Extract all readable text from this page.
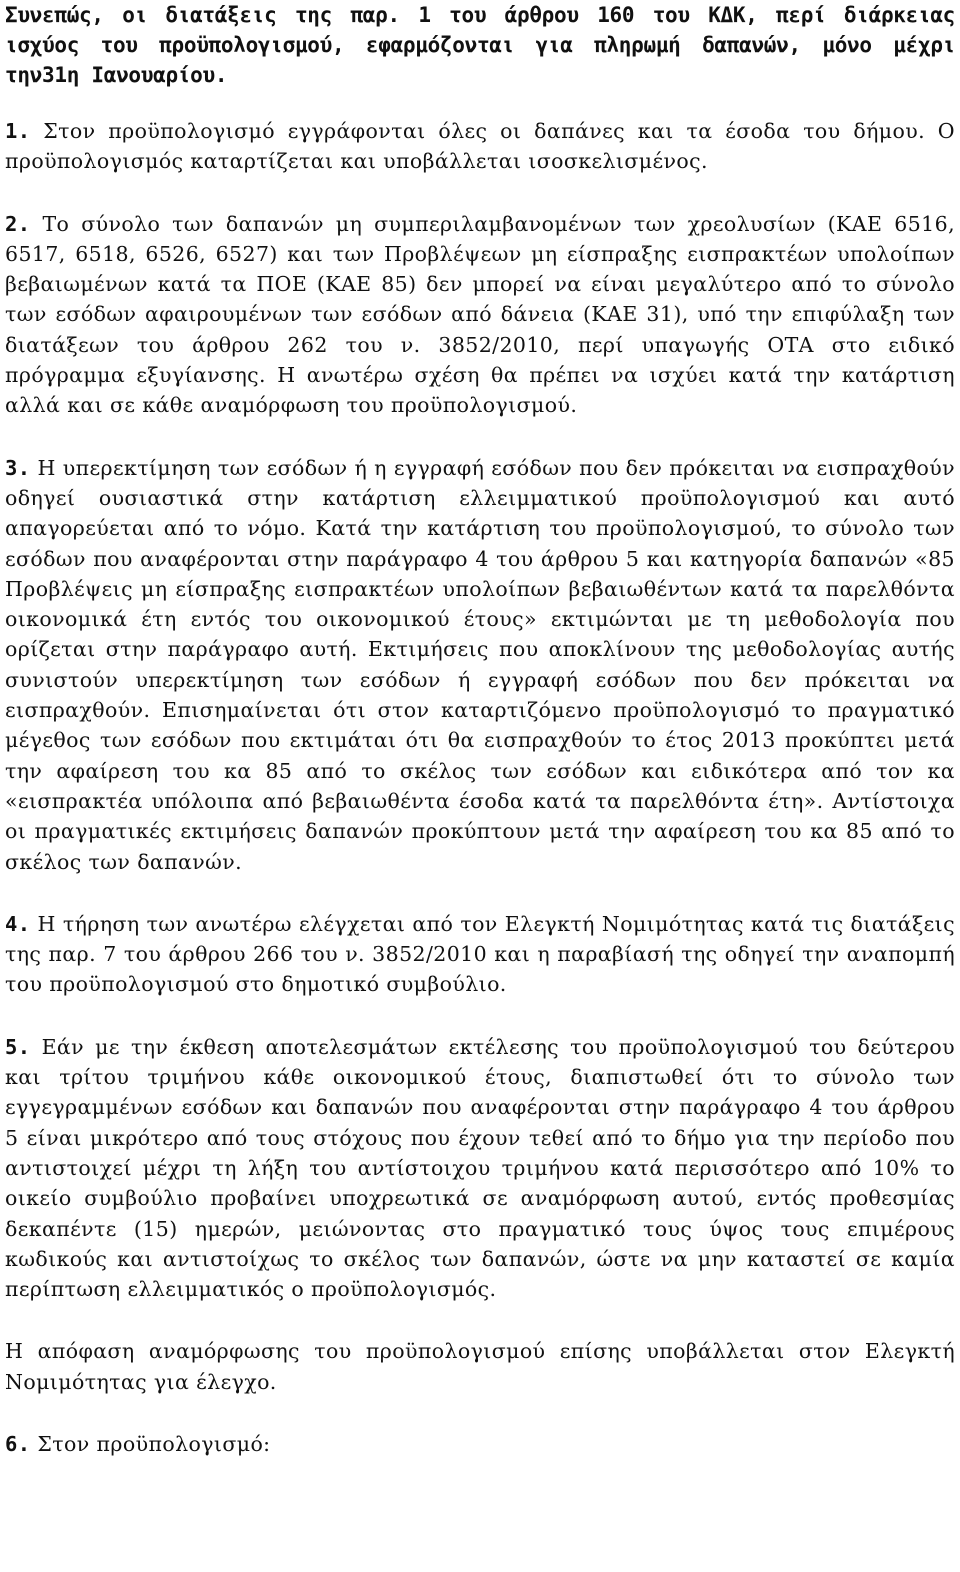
Συνεπώς, οι διατάξεις της παρ. 1 του άρθρου 160 του ΚΔΚ, περί διάρκειας ισχύος του προϋπολογισμού, εφαρμόζονται για πληρωμή δαπανών, μόνο μέχρι την31η Ιανουαρίου.

1. Στον προϋπολογισμό εγγράφονται όλες οι δαπάνες και τα έσοδα του δήμου. Ο προϋπολογισμός καταρτίζεται και υποβάλλεται ισοσκελισμένος.

2. Το σύνολο των δαπανών μη συμπεριλαμβανομένων των χρεολυσίων (ΚΑΕ 6516, 6517, 6518, 6526, 6527) και των Προβλέψεων μη είσπραξης εισπρακτέων υπολοίπων βεβαιωμένων κατά τα ΠΟΕ (ΚΑΕ 85) δεν μπορεί να είναι μεγαλύτερο από το σύνολο των εσόδων αφαιρουμένων των εσόδων από δάνεια (ΚΑΕ 31), υπό την επιφύλαξη των διατάξεων του άρθρου 262 του ν. 3852/2010, περί υπαγωγής ΟΤΑ στο ειδικό πρόγραμμα εξυγίανσης. Η ανωτέρω σχέση θα πρέπει να ισχύει κατά την κατάρτιση αλλά και σε κάθε αναμόρφωση του προϋπολογισμού.

3. Η υπερεκτίμηση των εσόδων ή η εγγραφή εσόδων που δεν πρόκειται να εισπραχθούν οδηγεί ουσιαστικά στην κατάρτιση ελλειμματικού προϋπολογισμού και αυτό απαγορεύεται από το νόμο. Κατά την κατάρτιση του προϋπολογισμού, το σύνολο των εσόδων που αναφέρονται στην παράγραφο 4 του άρθρου 5 και κατηγορία δαπανών «85 Προβλέψεις μη είσπραξης εισπρακτέων υπολοίπων βεβαιωθέντων κατά τα παρελθόντα οικονομικά έτη εντός του οικονομικού έτους» εκτιμώνται με τη μεθοδολογία που ορίζεται στην παράγραφο αυτή. Εκτιμήσεις που αποκλίνουν της μεθοδολογίας αυτής συνιστούν υπερεκτίμηση των εσόδων ή εγγραφή εσόδων που δεν πρόκειται να εισπραχθούν. Επισημαίνεται ότι στον καταρτιζόμενο προϋπολογισμό το πραγματικό μέγεθος των εσόδων που εκτιμάται ότι θα εισπραχθούν το έτος 2013 προκύπτει μετά την αφαίρεση του κα 85 από το σκέλος των εσόδων και ειδικότερα από τον κα «εισπρακτέα υπόλοιπα από βεβαιωθέντα έσοδα κατά τα παρελθόντα έτη». Αντίστοιχα οι πραγματικές εκτιμήσεις δαπανών προκύπτουν μετά την αφαίρεση του κα 85 από το σκέλος των δαπανών.

4. Η τήρηση των ανωτέρω ελέγχεται από τον Ελεγκτή Νομιμότητας κατά τις διατάξεις της παρ. 7 του άρθρου 266 του ν. 3852/2010 και η παραβίασή της οδηγεί την αναπομπή του προϋπολογισμού στο δημοτικό συμβούλιο.

5. Εάν με την έκθεση αποτελεσμάτων εκτέλεσης του προϋπολογισμού του δεύτερου και τρίτου τριμήνου κάθε οικονομικού έτους, διαπιστωθεί ότι το σύνολο των εγγεγραμμένων εσόδων και δαπανών που αναφέρονται στην παράγραφο 4 του άρθρου 5 είναι μικρότερο από τους στόχους που έχουν τεθεί από το δήμο για την περίοδο που αντιστοιχεί μέχρι τη λήξη του αντίστοιχου τριμήνου κατά περισσότερο από 10% το οικείο συμβούλιο προβαίνει υποχρεωτικά σε αναμόρφωση αυτού, εντός προθεσμίας δεκαπέντε (15) ημερών, μειώνοντας στο πραγματικό τους ύψος τους επιμέρους κωδικούς και αντιστοίχως το σκέλος των δαπανών, ώστε να μην καταστεί σε καμία περίπτωση ελλειμματικός ο προϋπολογισμός.

Η απόφαση αναμόρφωσης του προϋπολογισμού επίσης υποβάλλεται στον Ελεγκτή Νομιμότητας για έλεγχο.

6. Στον προϋπολογισμό:
